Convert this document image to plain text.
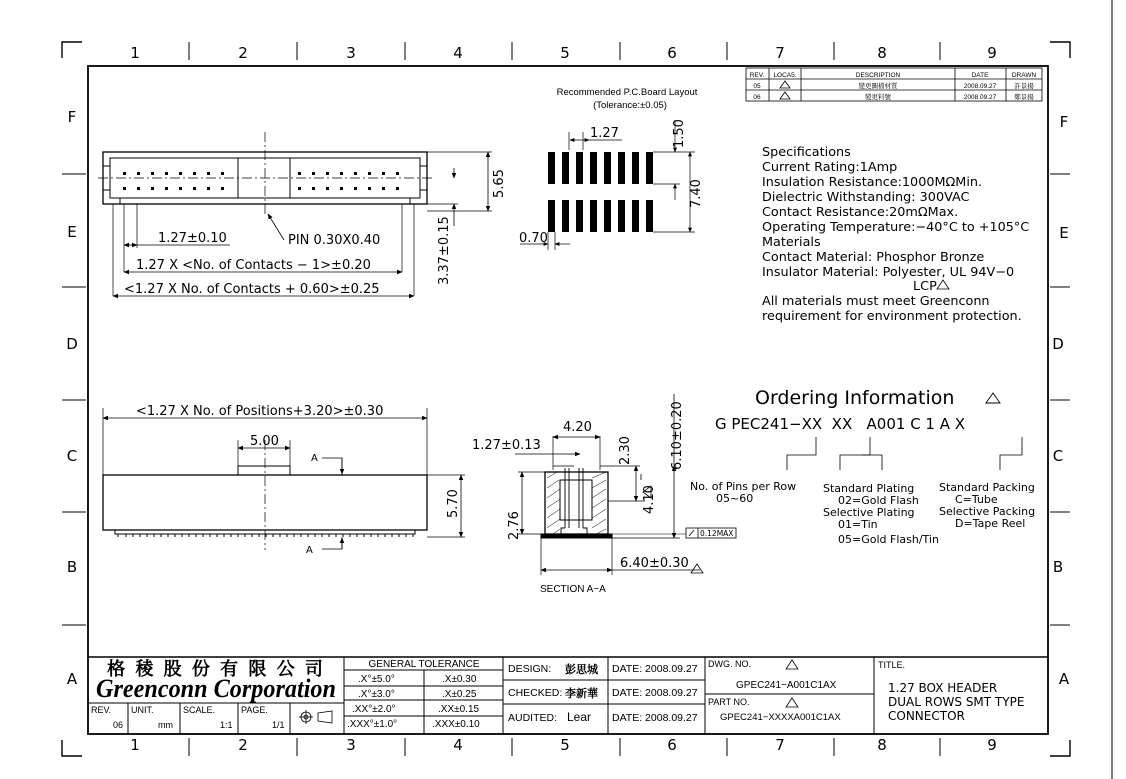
1	2	3	4	5	6	7	8	9
1	2	3	4	5	6	7	8	9
F
E
D
C
B
A
F
E
D
C
B
A
REV. LOCA5.	DESCRIPTION	DATE	DRAWN
05	變更圖檔材質	2008.09.27	許景揚
06	變更料號	2008.09.27	鄭景揚
1.27±0.10	PIN 0.30X0.40
1.27 X <No. of Contacts − 1>±0.20
<1.27 X No. of Contacts + 0.60>±0.25
5.65
3.37±0.15
Recommended P.C.Board Layout
(Tolerance:±0.05)
1.27	1.50
7.40
0.70
Specifications
Current Rating:1Amp
Insulation Resistance:1000MΩMin.
Dielectric Withstanding: 300VAC
Contact Resistance:20mΩMax.
Operating Temperature:−40°C to +105°C
Materials
Contact Material: Phosphor Bronze
Insulator Material: Polyester, UL 94V−0
LCP
All materials must meet Greenconn
requirement for environment protection.
<1.27 X No. of Positions+3.20>±0.30
5.00
5.70
A
A
1.27±0.13
4.20
2.30	6.10±0.20
4.10
2.76	0.12MAX
6.40±0.30
SECTION A−A
Ordering Information
G PEC241−XX  XX   A001 C 1 A X
No. of Pins per Row
05~60
Standard Plating
02=Gold Flash
Selective Plating
01=Tin
05=Gold Flash/Tin
Standard Packing
C=Tube
Selective Packing
D=Tape Reel
格 稜 股 份 有 限 公 司
Greenconn Corporation
REV.
06
UNIT.
mm
SCALE.
1:1
PAGE.
1/1
GENERAL TOLERANCE
.X°±5.0°	.X±0.30
.X°±3.0°	.X±0.25
.XX°±2.0°	.XX±0.15
.XXX°±1.0°	.XXX±0.10
DESIGN: 彭思城
CHECKED: 李新華
AUDITED: Lear
DATE: 2008.09.27
DATE: 2008.09.27
DATE: 2008.09.27
DWG. NO.
GPEC241−A001C1AX
PART NO.
GPEC241−XXXXA001C1AX
TITLE.
1.27 BOX HEADER
DUAL ROWS SMT TYPE
CONNECTOR
